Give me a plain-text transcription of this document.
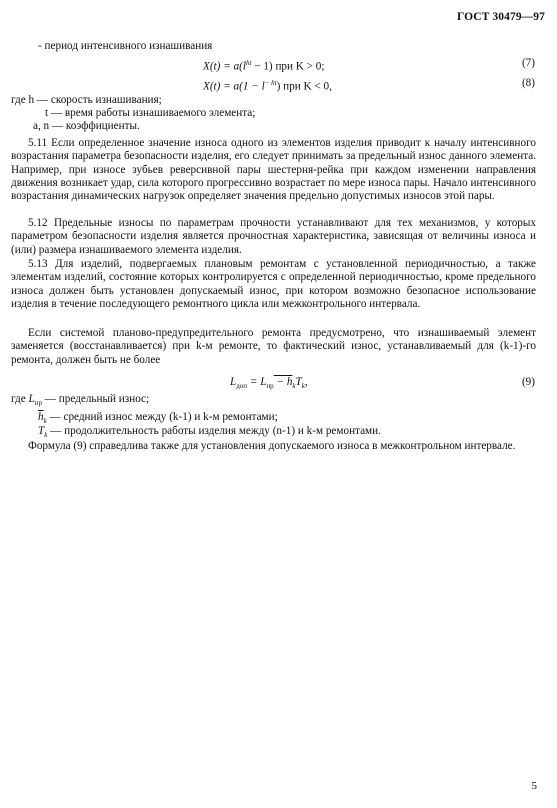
ГОСТ 30479—97
- период интенсивного изнашивания
$X(t) = a(l^{ht} - 1)$ при K > 0;	(7)
$X(t) = a(1 - l^{- ht})$ при K < 0,	(8)
где h — скорость изнашивания;
t — время работы изнашиваемого элемента;
a, n — коэффициенты.
5.11 Если определенное значение износа одного из элементов изделия приводит к началу интенсивного возрастания параметра безопасности изделия, его следует принимать за предельный износ данного элемента. Например, при износе зубьев реверсивной пары шестерня-рейка при каждом изменении направления движения возникает удар, сила которого прогрессивно возрастает по мере износа пары. Начало интенсивного возрастания динамических нагрузок определяет значения предельно допустимых износов этой пары.
5.12 Предельные износы по параметрам прочности устанавливают для тех механизмов, у которых параметром безопасности изделия является прочностная характеристика, зависящая от величины износа и (или) размера изнашиваемого элемента изделия.
5.13 Для изделий, подвергаемых плановым ремонтам с установленной периодичностью, а также элементам изделий, состояние которых контролируется с определенной периодичностью, кроме предельного износа должен быть установлен допускаемый износ, при котором возможно безопасное использование изделия в течение последующего ремонтного цикла или межконтрольного интервала.
Если системой планово-предупредительного ремонта предусмотрено, что изнашиваемый элемент заменяется (восстанавливается) при k-м ремонте, то фактический износ, устанавливаемый для (k-1)-го ремонта, должен быть не более
$L_{доп} = L_{пр} - h_kT_k$,	(9)
где $L_{пр}$ — предельный износ;
$\overline{h}_k$ — средний износ между (k-1) и k-м ремонтами;
$T_k$ — продолжительность работы изделия между (n-1) и k-м ремонтами.
Формула (9) справедлива также для установления допускаемого износа в межконтрольном интервале.
5
